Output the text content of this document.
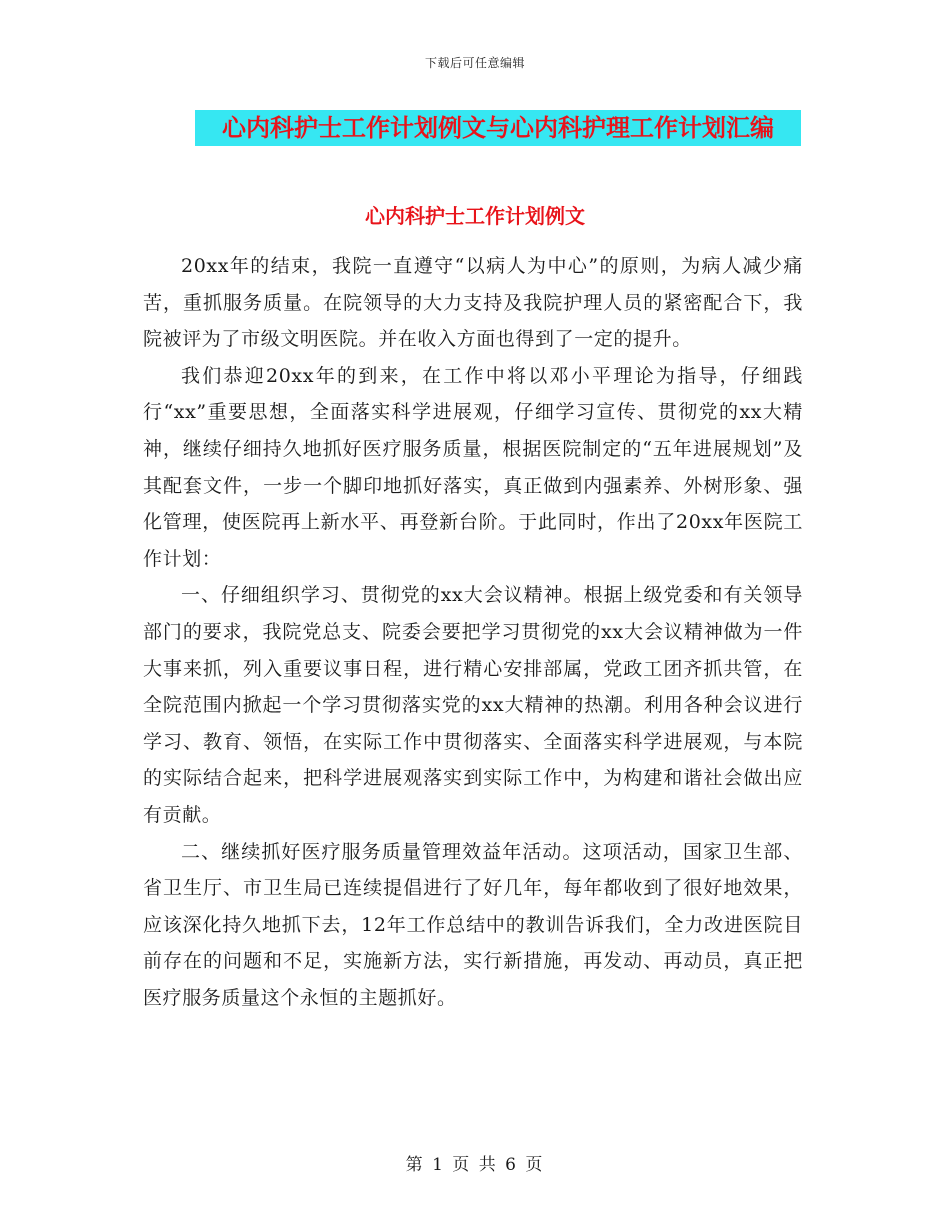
下载后可任意编辑
心内科护士工作计划例文与心内科护理工作计划汇编
心内科护士工作计划例文

20xx年的结束，我院一直遵守“以病人为中心”的原则，为病人减少痛苦，重抓服务质量。在院领导的大力支持及我院护理人员的紧密配合下，我院被评为了市级文明医院。并在收入方面也得到了一定的提升。

我们恭迎20xx年的到来，在工作中将以邓小平理论为指导，仔细践行“xx”重要思想，全面落实科学进展观，仔细学习宣传、贯彻党的xx大精神，继续仔细持久地抓好医疗服务质量，根据医院制定的“五年进展规划”及其配套文件，一步一个脚印地抓好落实，真正做到内强素养、外树形象、强化管理，使医院再上新水平、再登新台阶。于此同时，作出了20xx年医院工作计划：

一、仔细组织学习、贯彻党的xx大会议精神。根据上级党委和有关领导部门的要求，我院党总支、院委会要把学习贯彻党的xx大会议精神做为一件大事来抓，列入重要议事日程，进行精心安排部属，党政工团齐抓共管，在全院范围内掀起一个学习贯彻落实党的xx大精神的热潮。利用各种会议进行学习、教育、领悟，在实际工作中贯彻落实、全面落实科学进展观，与本院的实际结合起来，把科学进展观落实到实际工作中，为构建和谐社会做出应有贡献。

二、继续抓好医疗服务质量管理效益年活动。这项活动，国家卫生部、省卫生厅、市卫生局已连续提倡进行了好几年，每年都收到了很好地效果，应该深化持久地抓下去，12年工作总结中的教训告诉我们，全力改进医院目前存在的问题和不足，实施新方法，实行新措施，再发动、再动员，真正把医疗服务质量这个永恒的主题抓好。

第 1 页 共 6 页
